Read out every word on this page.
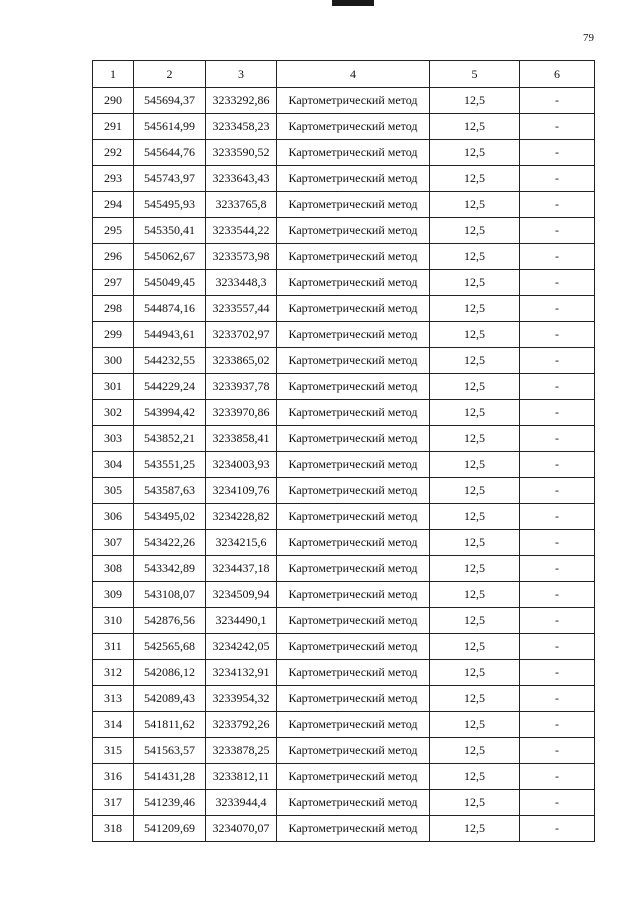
79
1	2	3	4	5	6
290	545694,37	3233292,86	Картометрический метод	12,5	-
291	545614,99	3233458,23	Картометрический метод	12,5	-
292	545644,76	3233590,52	Картометрический метод	12,5	-
293	545743,97	3233643,43	Картометрический метод	12,5	-
294	545495,93	3233765,8	Картометрический метод	12,5	-
295	545350,41	3233544,22	Картометрический метод	12,5	-
296	545062,67	3233573,98	Картометрический метод	12,5	-
297	545049,45	3233448,3	Картометрический метод	12,5	-
298	544874,16	3233557,44	Картометрический метод	12,5	-
299	544943,61	3233702,97	Картометрический метод	12,5	-
300	544232,55	3233865,02	Картометрический метод	12,5	-
301	544229,24	3233937,78	Картометрический метод	12,5	-
302	543994,42	3233970,86	Картометрический метод	12,5	-
303	543852,21	3233858,41	Картометрический метод	12,5	-
304	543551,25	3234003,93	Картометрический метод	12,5	-
305	543587,63	3234109,76	Картометрический метод	12,5	-
306	543495,02	3234228,82	Картометрический метод	12,5	-
307	543422,26	3234215,6	Картометрический метод	12,5	-
308	543342,89	3234437,18	Картометрический метод	12,5	-
309	543108,07	3234509,94	Картометрический метод	12,5	-
310	542876,56	3234490,1	Картометрический метод	12,5	-
311	542565,68	3234242,05	Картометрический метод	12,5	-
312	542086,12	3234132,91	Картометрический метод	12,5	-
313	542089,43	3233954,32	Картометрический метод	12,5	-
314	541811,62	3233792,26	Картометрический метод	12,5	-
315	541563,57	3233878,25	Картометрический метод	12,5	-
316	541431,28	3233812,11	Картометрический метод	12,5	-
317	541239,46	3233944,4	Картометрический метод	12,5	-
318	541209,69	3234070,07	Картометрический метод	12,5	-
